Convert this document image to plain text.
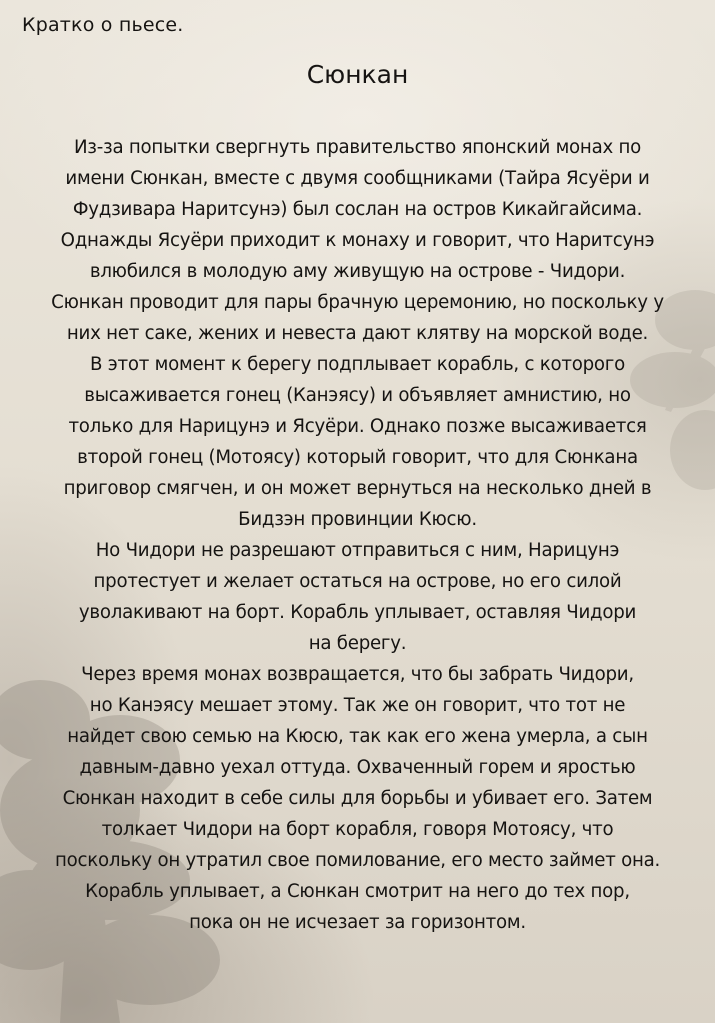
Кратко о пьесе.
Сюнкан
Из-за попытки свергнуть правительство японский монах по
имени Сюнкан, вместе с двумя сообщниками (Тайра Ясуёри и
Фудзивара Наритсунэ) был сослан на остров Кикайгайсима.
Однажды Ясуёри приходит к монаху и говорит, что Наритсунэ
влюбился в молодую аму живущую на острове - Чидори.
Сюнкан проводит для пары брачную церемонию, но поскольку у
них нет саке, жених и невеста дают клятву на морской воде.
В этот момент к берегу подплывает корабль, с которого
высаживается гонец (Канэясу) и объявляет амнистию, но
только для Нарицунэ и Ясуёри. Однако позже высаживается
второй гонец (Мотоясу) который говорит, что для Сюнкана
приговор смягчен, и он может вернуться на несколько дней в
Бидзэн провинции Кюсю.
Но Чидори не разрешают отправиться с ним, Нарицунэ
протестует и желает остаться на острове, но его силой
уволакивают на борт. Корабль уплывает, оставляя Чидори
на берегу.
Через время монах возвращается, что бы забрать Чидори,
но Канэясу мешает этому. Так же он говорит, что тот не
найдет свою семью на Кюсю, так как его жена умерла, а сын
давным-давно уехал оттуда. Охваченный горем и яростью
Сюнкан находит в себе силы для борьбы и убивает его. Затем
толкает Чидори на борт корабля, говоря Мотоясу, что
поскольку он утратил свое помилование, его место займет она.
Корабль уплывает, а Сюнкан смотрит на него до тех пор,
пока он не исчезает за горизонтом.
